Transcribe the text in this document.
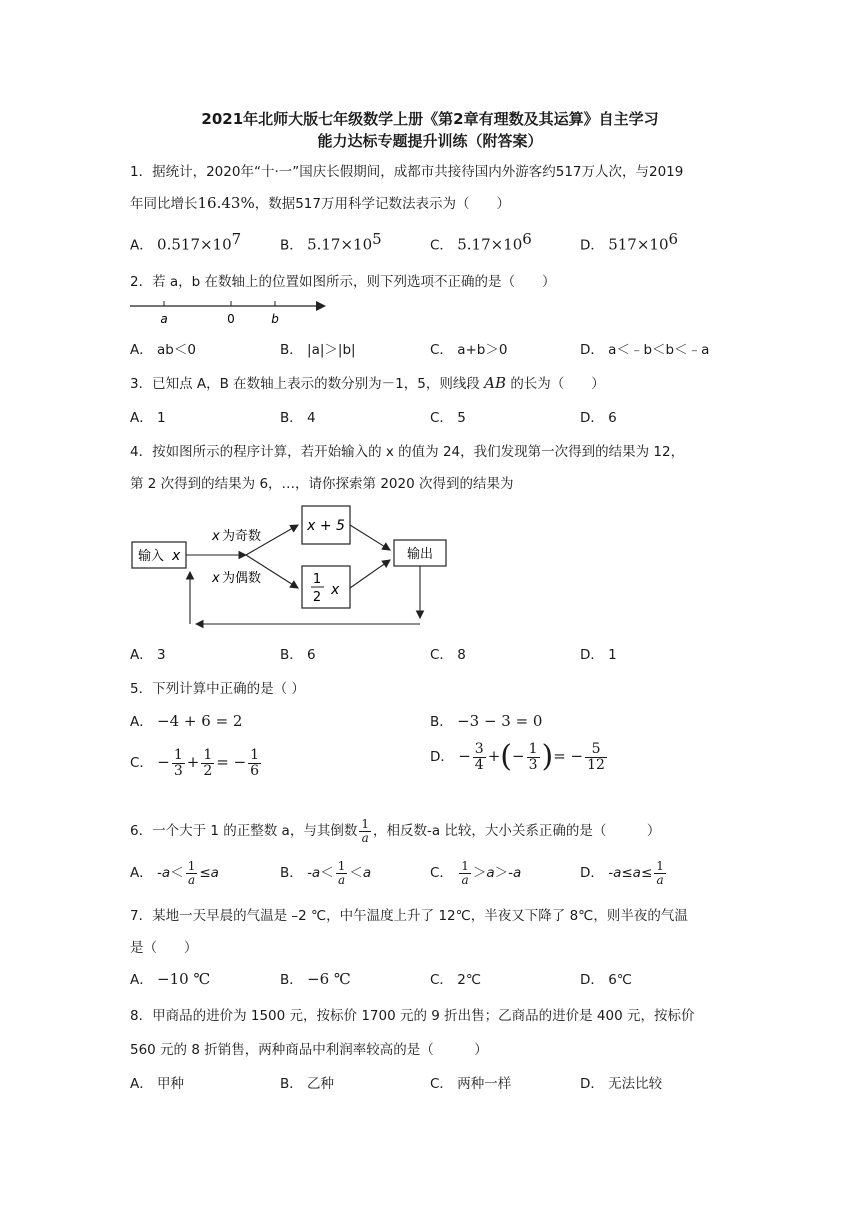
2021年北师大版七年级数学上册《第2章有理数及其运算》自主学习
能力达标专题提升训练（附答案）
1．据统计，2020年“十·一”国庆长假期间，成都市共接待国内外游客约517万人次，与2019
年同比增长16.43%，数据517万用科学记数法表示为（　　）
A． $0.517\times 10^7$	B． $5.17\times 10^5$	C． $5.17\times 10^6$	D． $517\times 10^6$
2．若 a，b 在数轴上的位置如图所示，则下列选项不正确的是（　　）
a	0	b
A． ab＜0	B． |a|＞|b|	C． a+b＞0	D． a＜﹣b＜b＜﹣a
3．已知点 A，B 在数轴上表示的数分别为－1，5，则线段 AB 的长为（　　）
A． 1	B． 4	C． 5	D． 6
4．按如图所示的程序计算，若开始输入的 x 的值为 24，我们发现第一次得到的结果为 12，
第 2 次得到的结果为 6，…，请你探索第 2020 次得到的结果为
输入 x
x 为奇数
x 为偶数
x + 5
1
2 x
输出
A． 3	B． 6	C． 8	D． 1
5．下列计算中正确的是（ ）
A． −4 + 6 = 2	B． −3 − 3 = 0
C． − $\frac{1}{3} + \frac{1}{2}$ = − $\frac{1}{6}$	D． − $\frac{3}{4}$ +(− $\frac{1}{3}$ )= − $\frac{5}{12}$
6．一个大于 1 的正整数 a，与其倒数 $\frac{1}{a}$ ，相反数-a 比较，大小关系正确的是（　　　）
A． $-a< \frac{1}{a} \le a$	B． $-a< \frac{1}{a} <a$	C． $\frac{1}{a} >a>-a$	D． $-a\le a\le \frac{1}{a}$
7．某地一天早晨的气温是 –2 ℃，中午温度上升了 12℃，半夜又下降了 8℃，则半夜的气温
是（　　）
A． −10 ℃	B． −6 ℃	C． 2℃	D． 6℃
8．甲商品的进价为 1500 元，按标价 1700 元的 9 折出售；乙商品的进价是 400 元，按标价
560 元的 8 折销售，两种商品中利润率较高的是（　　　）
A． 甲种	B． 乙种	C． 两种一样	D． 无法比较
